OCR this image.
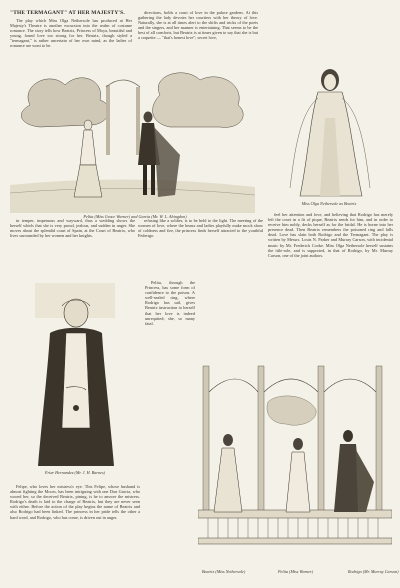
"THE TERMAGANT" AT HER MAJESTY'S.

The play which Miss Olga Nethersole has produced at Her Majesty's Theatre is another excursion into the realm of costume romance. The story tells how Beatrix, Princess of Moya, beautiful and young, found love too strong for her. Beatrix, though styled a "termagant," is rather uncertain of her own mind, as the ladies of romance are wont to be.

directions, holds a court of love in the palace gardens. At this gathering the lady devotes her courtiers with her theory of love. Naturally, she is at all times alert to the shifts and tricks of the poets and the singers, and her manner is entertaining. That seems to be the best of all comforts, but Beatrix is at times given to say that she is but a coquette — "that's honest love"; secret love,

Pelita (Miss Grace Warner) and Garcia (Mr. W. L. Abingdon)
Miss Olga Nethersole as Beatrix

in temper, impetuous and wayward, thus a wedding shows the herself whirls that she is very proud, jealous, and sudden in anger. She moves about the splendid court of Spain, at the Court of Beatrix, who lives surrounded by her women and her knights.

refusing like a soldier, is to be held to the light. The meeting of the women of love, where the beaux and ladies playfully make mock show of coldness and fire, the princess finds herself attracted to the youthful Federigo.

feel her attention and love, and believing that Rodrigo has merely left the court in a fit of pique, Beatrix sends for him, and in order to receive him nobly, decks herself as for the bridal. He is borne into her presence dead. Then Beatrix remembers the poisoned ring and falls dead. Love has slain both Rodrigo and the Termagant. The play is written by Messrs. Louis N. Parker and Murray Carson, with incidental music by Mr. Frederick Cooke. Miss Olga Nethersole herself sustains the title-role, and is supported, in that of Rodrigo, by Mr. Murray Carson, one of the joint authors.

Friar Hernandez (Mr. J. H. Barnes)

Pelita, through the Princess, has some form of confidence to the poison. A well-sealed ring, where Rodrigo has sail, gives Beatrix instruction to herself that her love is indeed unrequited; she, so many fatal.

Felipe, who loves her mistress's eye. This Felipe, whose husband is almost fighting the Moors, has been intriguing with one Don Garcia, who wooed her, so the deceived Beatrix, pining, is he to answer the mistress. Rodrigo's death is laid to the charge of Beatrix, but they are never seen with either. Before the action of the play begins the name of Beatrix and also Rodrigo had been linked. The princess in her pride tells the other a hard word, and Rodrigo, who has come, is driven out in anger.

Beatrix (Miss Nethersole)	Pelita (Miss Warner)	Rodrigo (Mr. Murray Carson)
